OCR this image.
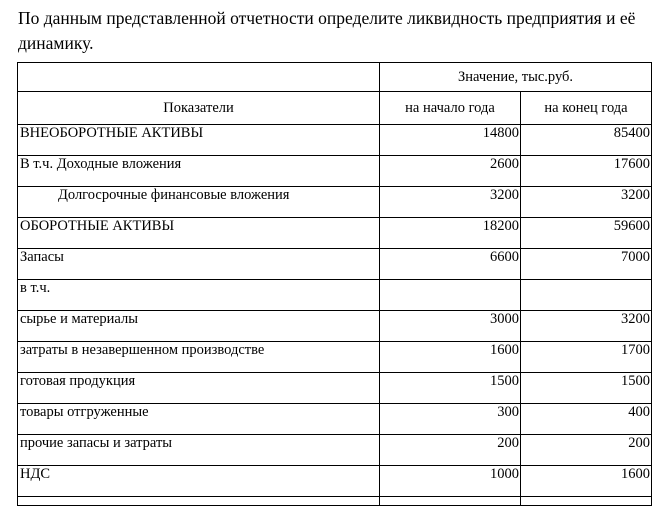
По данным представленной отчетности определите ликвидность предприятия и её динамику.

	Значение, тыс.руб.	
Показатели	на начало года	на конец года
ВНЕОБОРОТНЫЕ АКТИВЫ	14800	85400
В т.ч. Доходные вложения	2600	17600
Долгосрочные финансовые вложения	3200	3200
ОБОРОТНЫЕ АКТИВЫ	18200	59600
Запасы	6600	7000
в т.ч.		
сырье и материалы	3000	3200
затраты в незавершенном производстве	1600	1700
готовая продукция	1500	1500
товары отгруженные	300	400
прочие запасы и затраты	200	200
НДС	1000	1600
